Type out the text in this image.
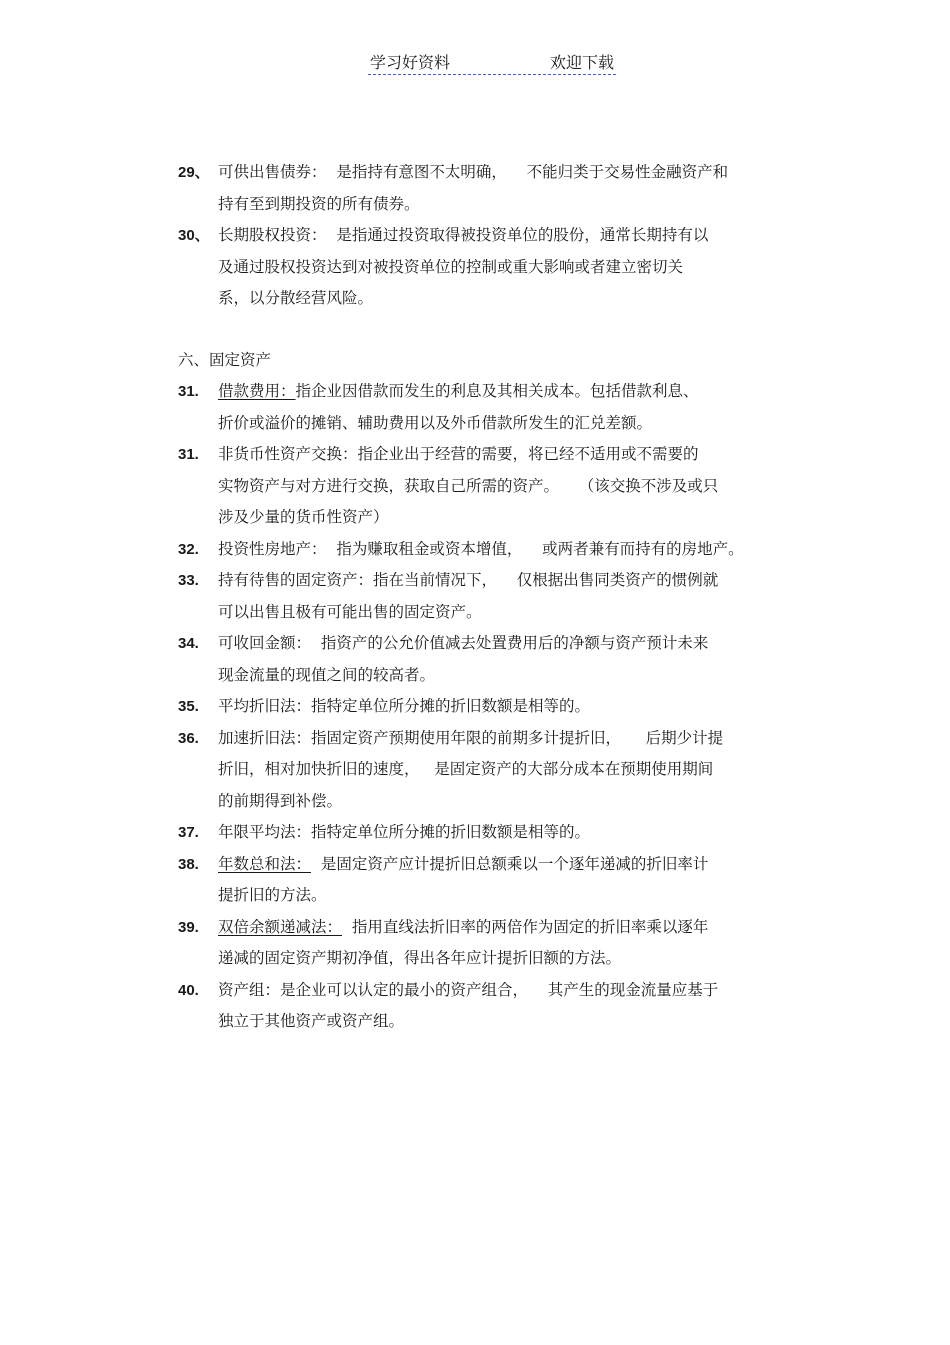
学习好资料	欢迎下载
29、 可供出售债券：  是指持有意图不太明确，    不能归类于交易性金融资产和
持有至到期投资的所有债券。
30、 长期股权投资：  是指通过投资取得被投资单位的股份，通常长期持有以
及通过股权投资达到对被投资单位的控制或重大影响或者建立密切关
系，以分散经营风险。
六、固定资产
31. 借款费用：指企业因借款而发生的利息及其相关成本。包括借款利息、
折价或溢价的摊销、辅助费用以及外币借款所发生的汇兑差额。
31. 非货币性资产交换：指企业出于经营的需要，将已经不适用或不需要的
实物资产与对方进行交换，获取自己所需的资产。    （该交换不涉及或只
涉及少量的货币性资产）
32. 投资性房地产：  指为赚取租金或资本增值，    或两者兼有而持有的房地产。
33. 持有待售的固定资产：指在当前情况下，    仅根据出售同类资产的惯例就
可以出售且极有可能出售的固定资产。
34. 可收回金额：  指资产的公允价值减去处置费用后的净额与资产预计未来
现金流量的现值之间的较高者。
35. 平均折旧法：指特定单位所分摊的折旧数额是相等的。
36. 加速折旧法：指固定资产预期使用年限的前期多计提折旧，     后期少计提
折旧，相对加快折旧的速度，   是固定资产的大部分成本在预期使用期间
的前期得到补偿。
37. 年限平均法：指特定单位所分摊的折旧数额是相等的。
38. 年数总和法：  是固定资产应计提折旧总额乘以一个逐年递减的折旧率计
提折旧的方法。
39. 双倍余额递减法：  指用直线法折旧率的两倍作为固定的折旧率乘以逐年
递减的固定资产期初净值，得出各年应计提折旧额的方法。
40. 资产组：是企业可以认定的最小的资产组合，    其产生的现金流量应基于
独立于其他资产或资产组。
